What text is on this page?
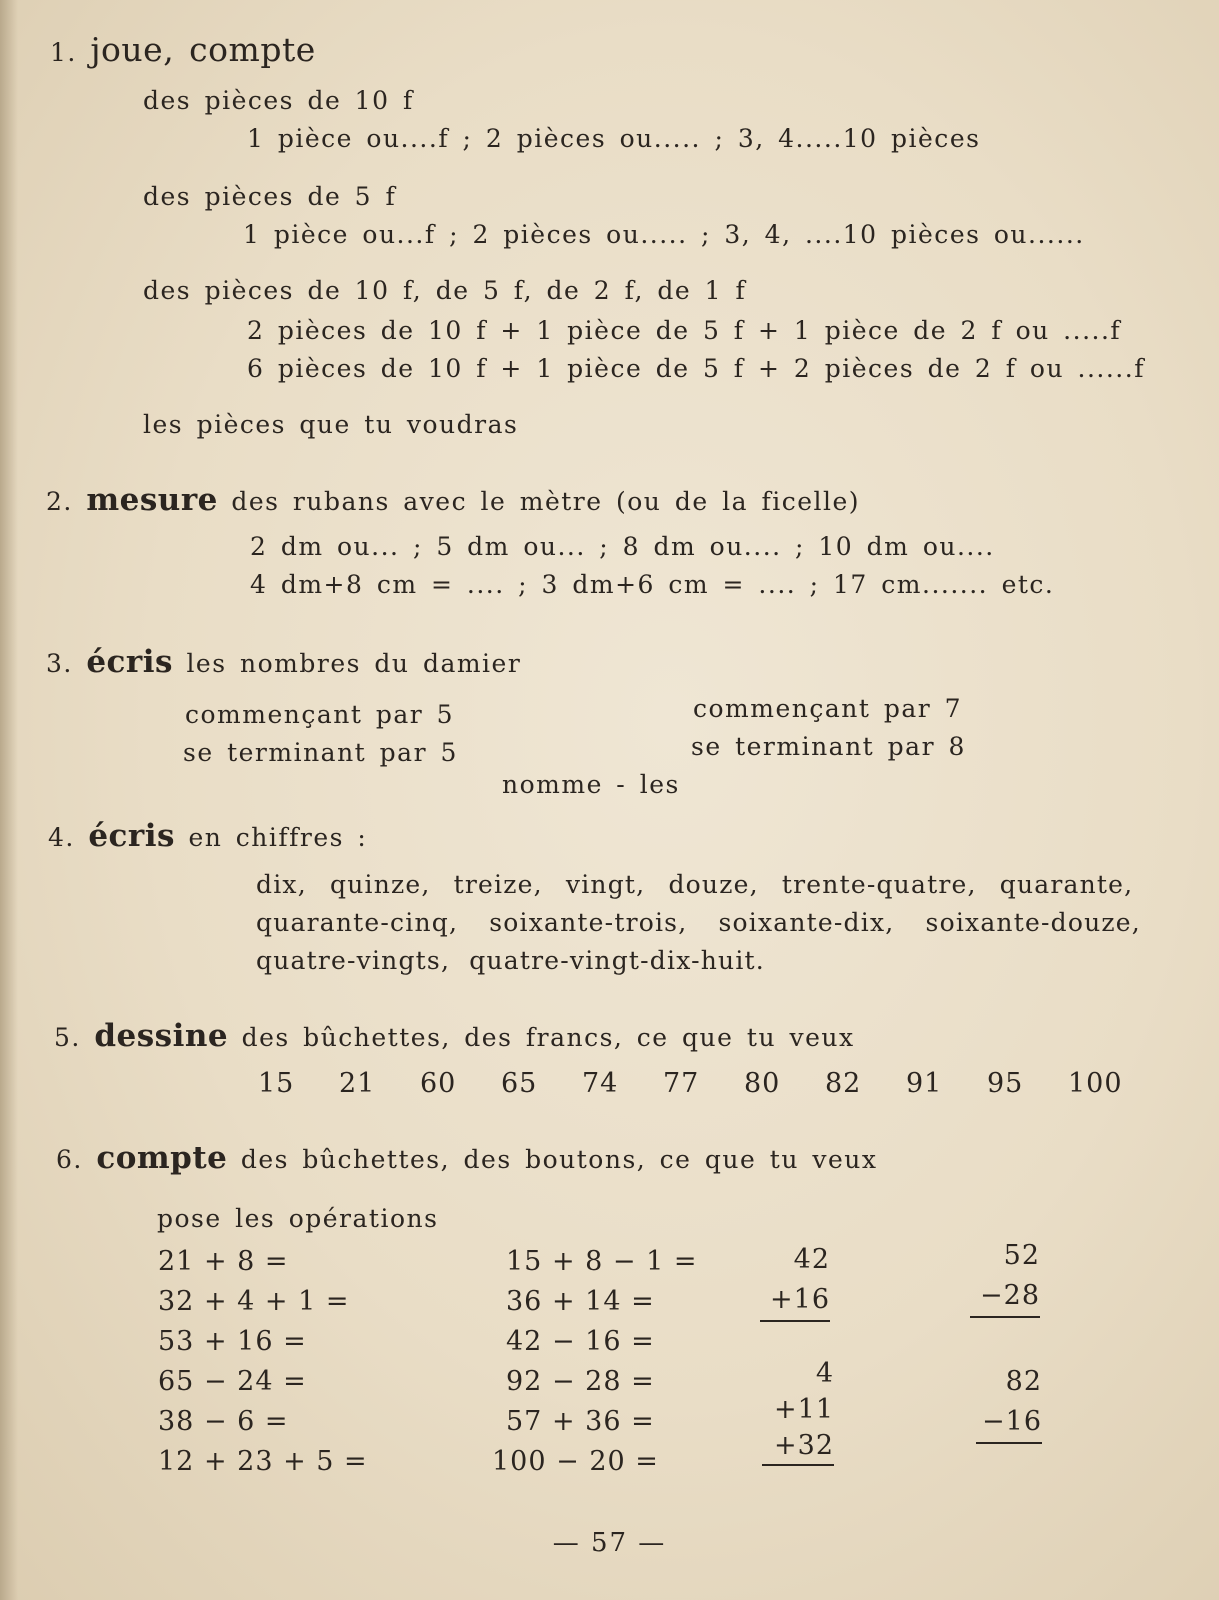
1. joue, compte
des pièces de 10 f
1 pièce ou....f ; 2 pièces ou..... ; 3, 4.....10 pièces
des pièces de 5 f
1 pièce ou...f ; 2 pièces ou..... ; 3, 4, ....10 pièces ou......
des pièces de 10 f, de 5 f, de 2 f, de 1 f
2 pièces de 10 f + 1 pièce de 5 f + 1 pièce de 2 f ou .....f
6 pièces de 10 f + 1 pièce de 5 f + 2 pièces de 2 f ou ......f
les pièces que tu voudras
2. mesure des rubans avec le mètre (ou de la ficelle)
2 dm ou... ; 5 dm ou... ; 8 dm ou.... ; 10 dm ou....
4 dm+8 cm = .... ; 3 dm+6 cm = .... ; 17 cm....... etc.
3. écris les nombres du damier
commençant par 5
se terminant par 5
commençant par 7
se terminant par 8
nomme - les
4. écris en chiffres :
dix, quinze, treize, vingt, douze, trente-quatre, quarante,
quarante-cinq, soixante-trois, soixante-dix, soixante-douze,
quatre-vingts, quatre-vingt-dix-huit.
5. dessine des bûchettes, des francs, ce que tu veux
15 21 60 65 74 77 80 82 91 95 100
6. compte des bûchettes, des boutons, ce que tu veux
pose les opérations
21 + 8 =
32 + 4 + 1 =
53 + 16 =
65 − 24 =
38 − 6 =
12 + 23 + 5 =
15 + 8 − 1 =
36 + 14 =
42 − 16 =
92 − 28 =
57 + 36 =
100 − 20 =
42
+16
52
−28
4
+11
+32
82
−16
— 57 —
